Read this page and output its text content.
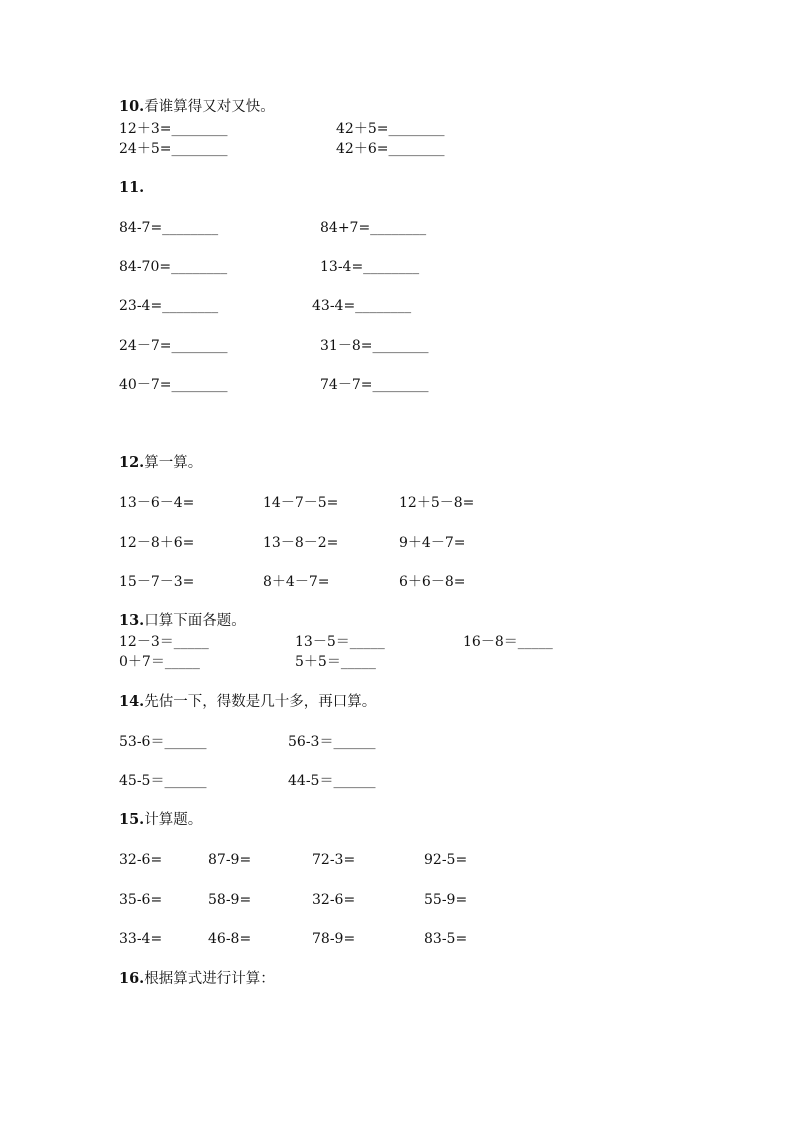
10.看谁算得又对又快。
12＋3=________	42＋5=________
24＋5=________	42＋6=________
11.
84-7=________	84+7=________
84-70=________	13-4=________
23-4=________	43-4=________
24－7=________	31－8=________
40－7=________	74－7=________
12.算一算。
13－6－4=	14－7－5=	12＋5－8=
12－8＋6=	13－8－2=	9＋4－7=
15－7－3=	8＋4－7=	6＋6－8=
13.口算下面各题。
12－3＝_____	13－5＝_____	16－8＝_____
0＋7＝_____	5＋5＝_____
14.先估一下，得数是几十多，再口算。
53-6＝______	56-3＝______
45-5＝______	44-5＝______
15.计算题。
32-6=	87-9=	72-3=	92-5=
35-6=	58-9=	32-6=	55-9=
33-4=	46-8=	78-9=	83-5=
16.根据算式进行计算：
